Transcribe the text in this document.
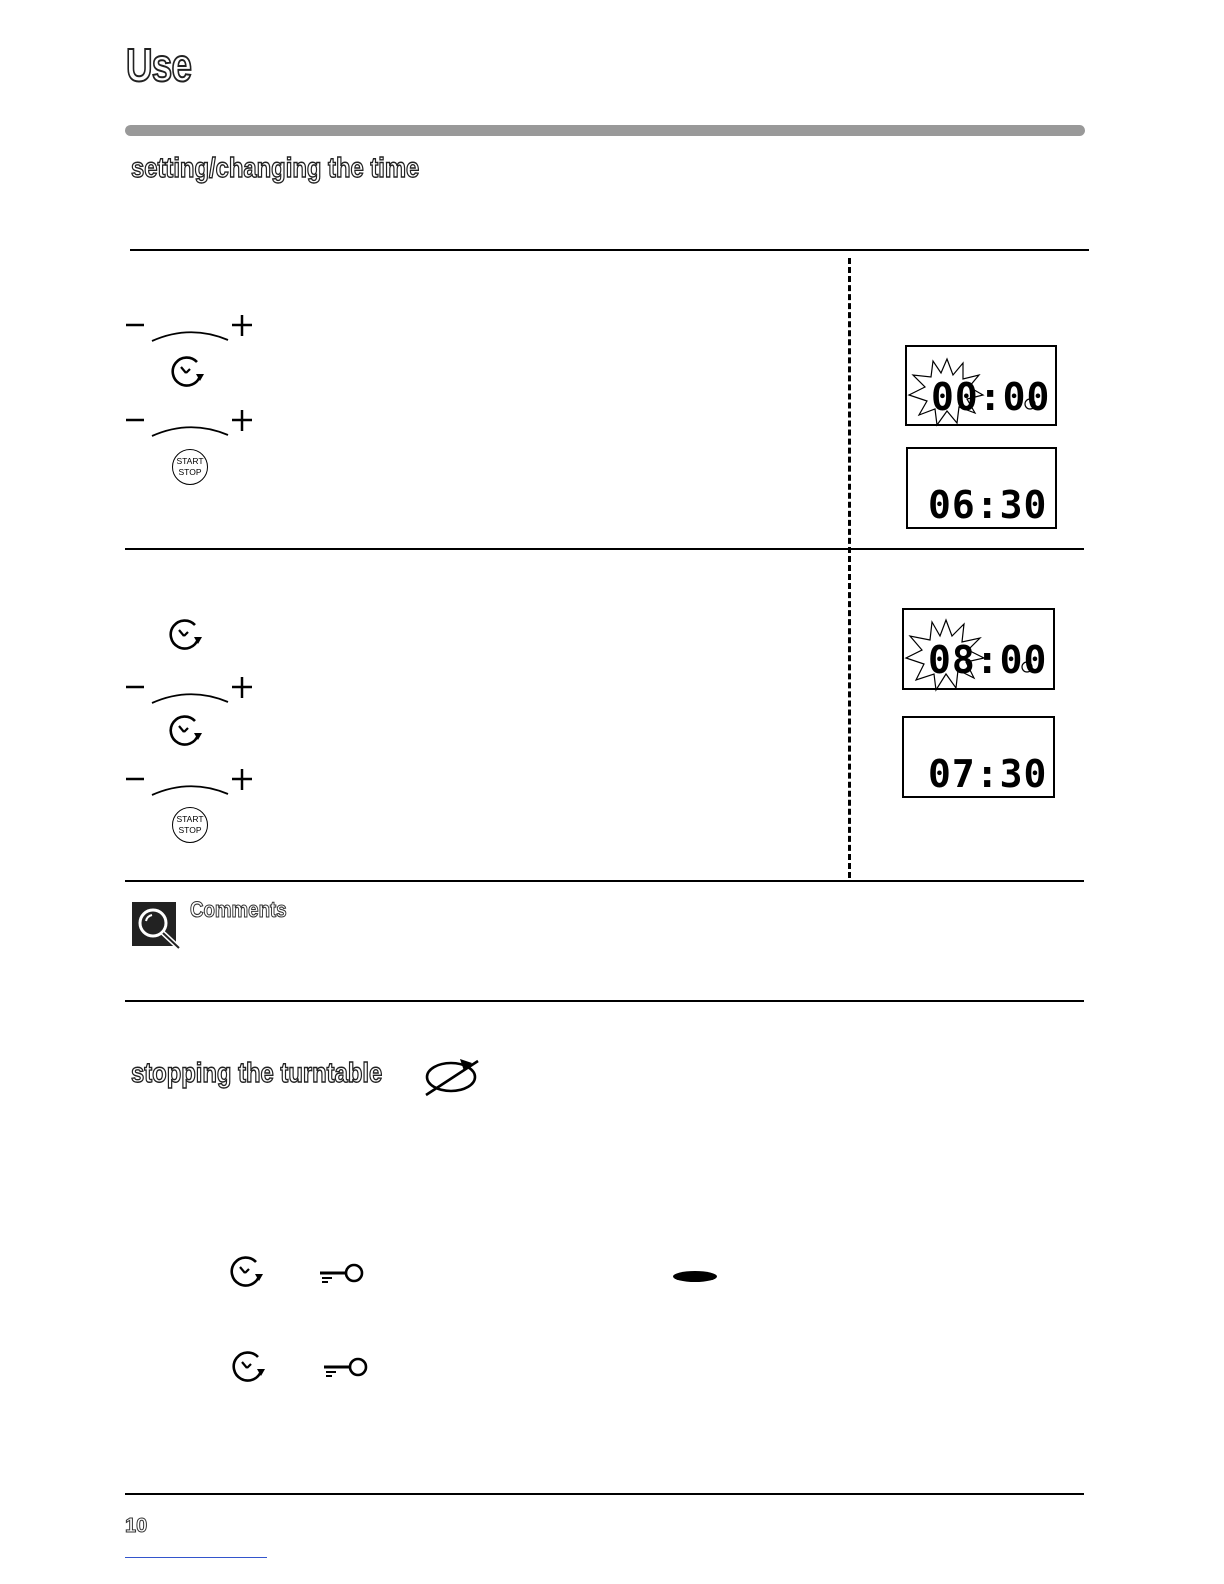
Use
setting/changing the time
START
STOP
00:00
06:30
START
STOP
08:00
07:30
Comments
stopping the turntable
10
